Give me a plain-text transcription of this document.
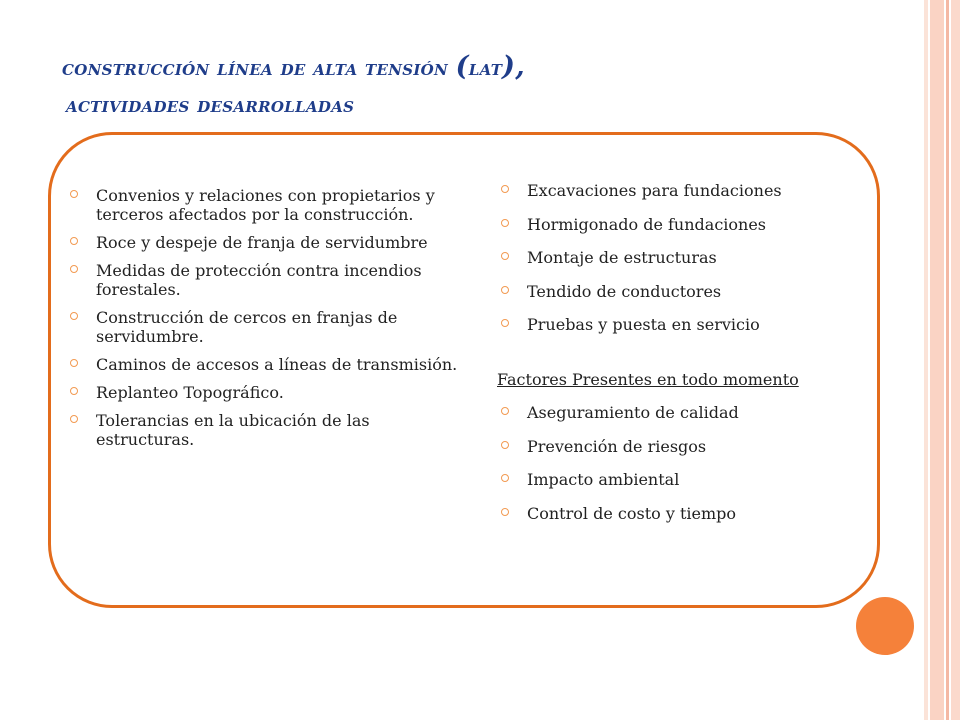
construcción línea de alta tensión (lat),
actividades desarrolladas
Convenios y relaciones con propietarios y terceros afectados por la construcción.
Roce y despeje de franja de servidumbre
Medidas de protección contra incendios forestales.
Construcción de cercos en franjas de servidumbre.
Caminos de accesos a líneas de transmisión.
Replanteo Topográfico.
Tolerancias en la ubicación de las estructuras.
Excavaciones para fundaciones
Hormigonado de fundaciones
Montaje de estructuras
Tendido de conductores
Pruebas y puesta en servicio
Factores Presentes en todo momento
Aseguramiento de calidad
Prevención de riesgos
Impacto ambiental
Control de costo y tiempo
